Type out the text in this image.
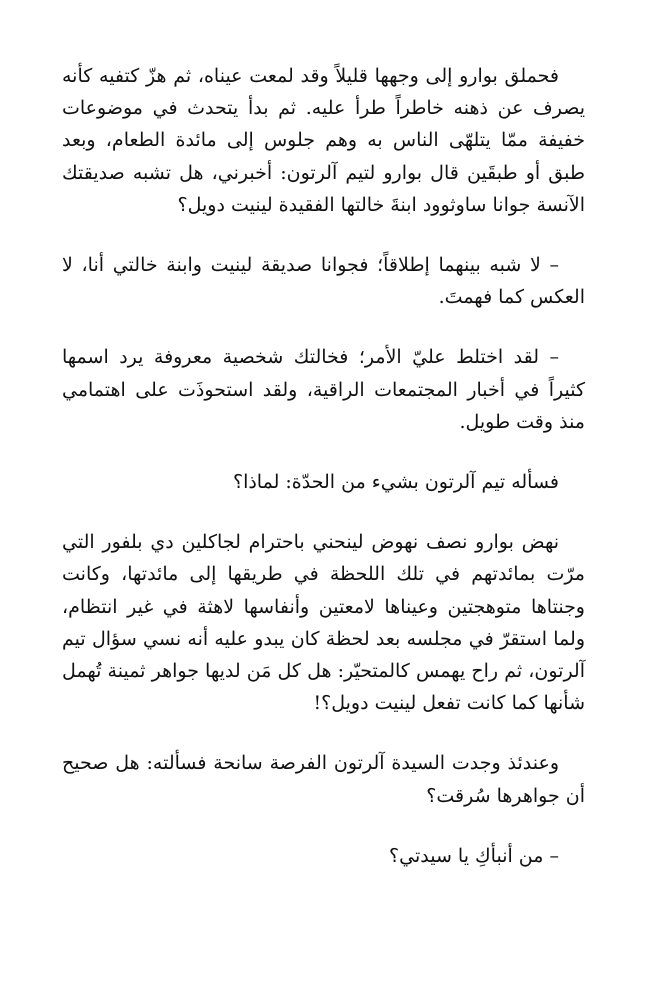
فحملق بوارو إلى وجهها قليلاً وقد لمعت عيناه، ثم هزّ كتفيه كأنه يصرف عن ذهنه خاطراً طرأ عليه. ثم بدأ يتحدث في موضوعات خفيفة ممّا يتلهّى الناس به وهم جلوس إلى مائدة الطعام، وبعد طبق أو طبقَين قال بوارو لتيم آلرتون: أخبرني، هل تشبه صديقتك الآنسة جوانا ساوثوود ابنةَ خالتها الفقيدة لينيت دويل؟

– لا شبه بينهما إطلاقاً؛ فجوانا صديقة لينيت وابنة خالتي أنا، لا العكس كما فهمتَ.

– لقد اختلط عليّ الأمر؛ فخالتك شخصية معروفة يرد اسمها كثيراً في أخبار المجتمعات الراقية، ولقد استحوذَت على اهتمامي منذ وقت طويل.

فسأله تيم آلرتون بشيء من الحدّة: لماذا؟

نهض بوارو نصف نهوض لينحني باحترام لجاكلين دي بلفور التي مرّت بمائدتهم في تلك اللحظة في طريقها إلى مائدتها، وكانت وجنتاها متوهجتين وعيناها لامعتين وأنفاسها لاهثة في غير انتظام، ولما استقرّ في مجلسه بعد لحظة كان يبدو عليه أنه نسي سؤال تيم آلرتون، ثم راح يهمس كالمتحيّر: هل كل مَن لديها جواهر ثمينة تُهمل شأنها كما كانت تفعل لينيت دويل؟!

وعندئذ وجدت السيدة آلرتون الفرصة سانحة فسألته: هل صحيح أن جواهرها سُرقت؟

– من أنبأكِ يا سيدتي؟
